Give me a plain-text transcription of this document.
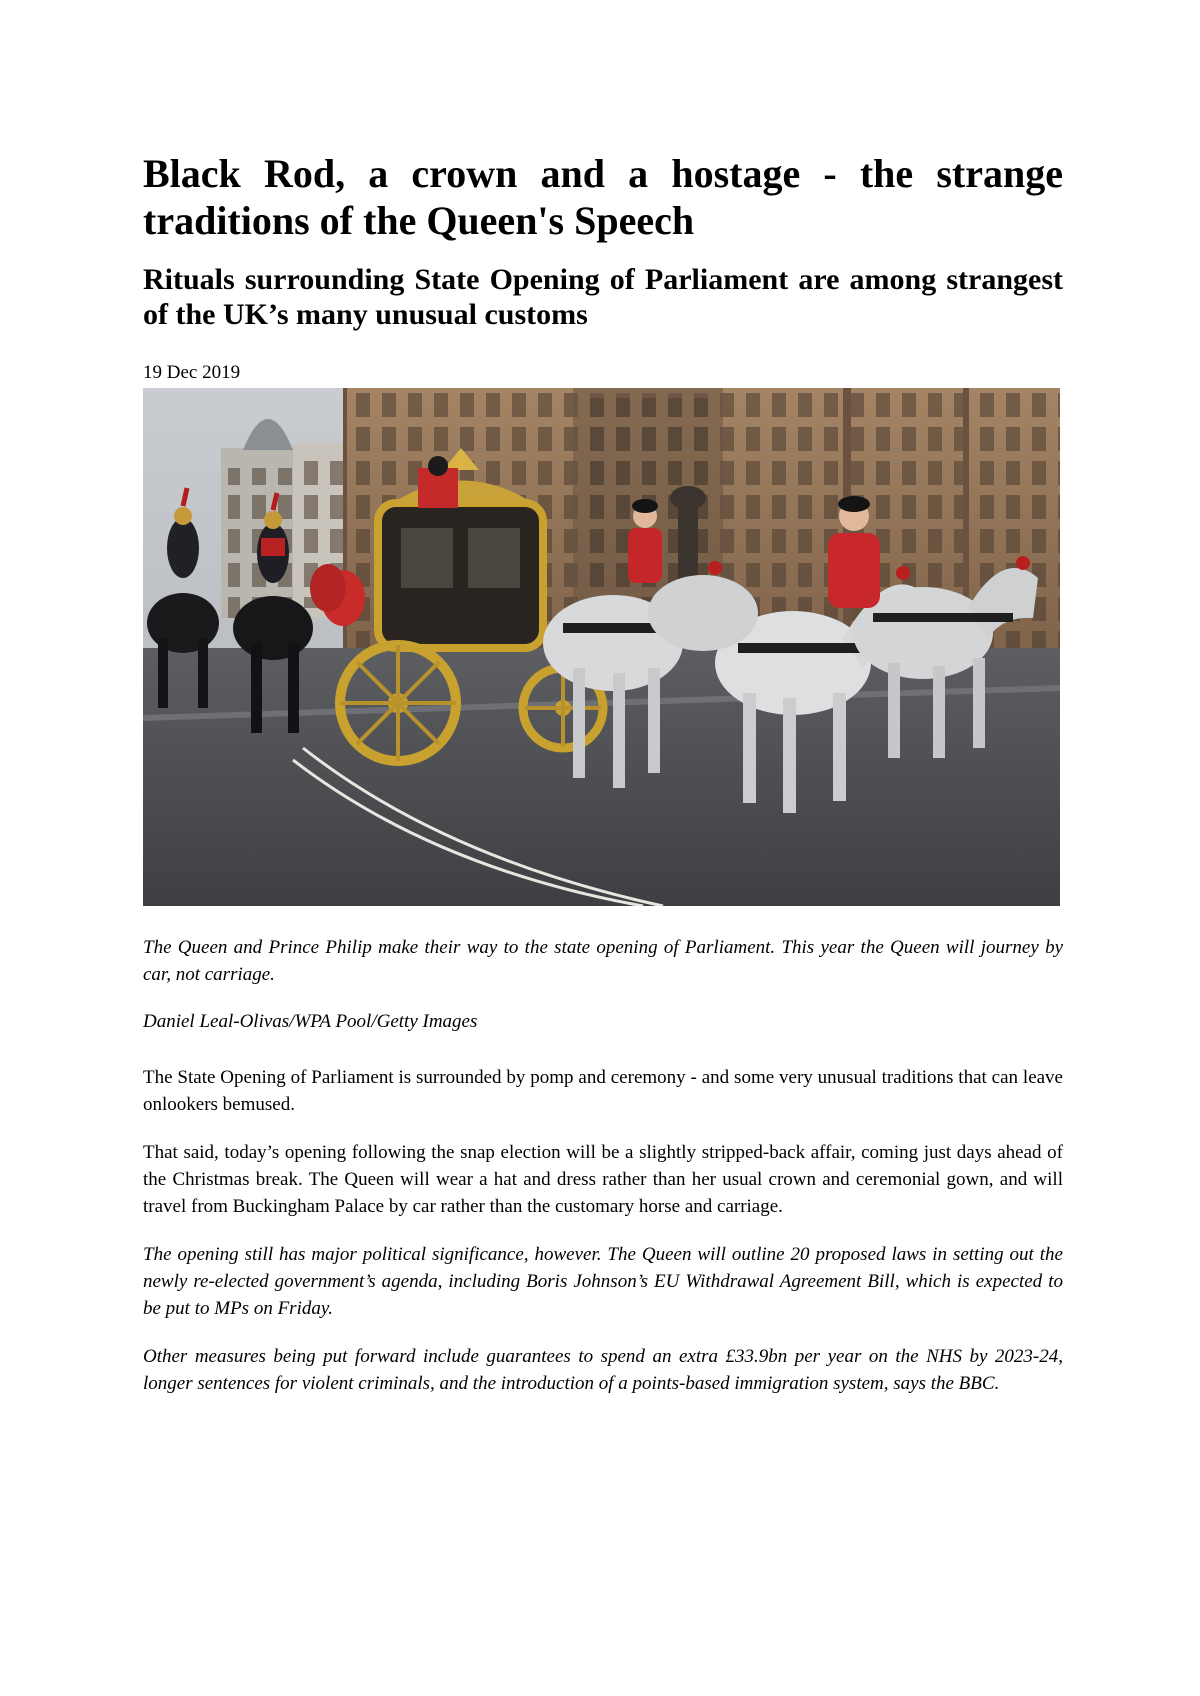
Black Rod, a crown and a hostage - the strange traditions of the Queen's Speech
Rituals surrounding State Opening of Parliament are among strangest of the UK’s many unusual customs
19 Dec 2019

The Queen and Prince Philip make their way to the state opening of Parliament. This year the Queen will journey by car, not carriage.

Daniel Leal-Olivas/WPA Pool/Getty Images

The State Opening of Parliament is surrounded by pomp and ceremony - and some very unusual traditions that can leave onlookers bemused.

That said, today’s opening following the snap election will be a slightly stripped-back affair, coming just days ahead of the Christmas break. The Queen will wear a hat and dress rather than her usual crown and ceremonial gown, and will travel from Buckingham Palace by car rather than the customary horse and carriage.

The opening still has major political significance, however. The Queen will outline 20 proposed laws in setting out the newly re-elected government’s agenda, including Boris Johnson’s EU Withdrawal Agreement Bill, which is expected to be put to MPs on Friday.

Other measures being put forward include guarantees to spend an extra £33.9bn per year on the NHS by 2023-24, longer sentences for violent criminals, and the introduction of a points-based immigration system, says the BBC.
